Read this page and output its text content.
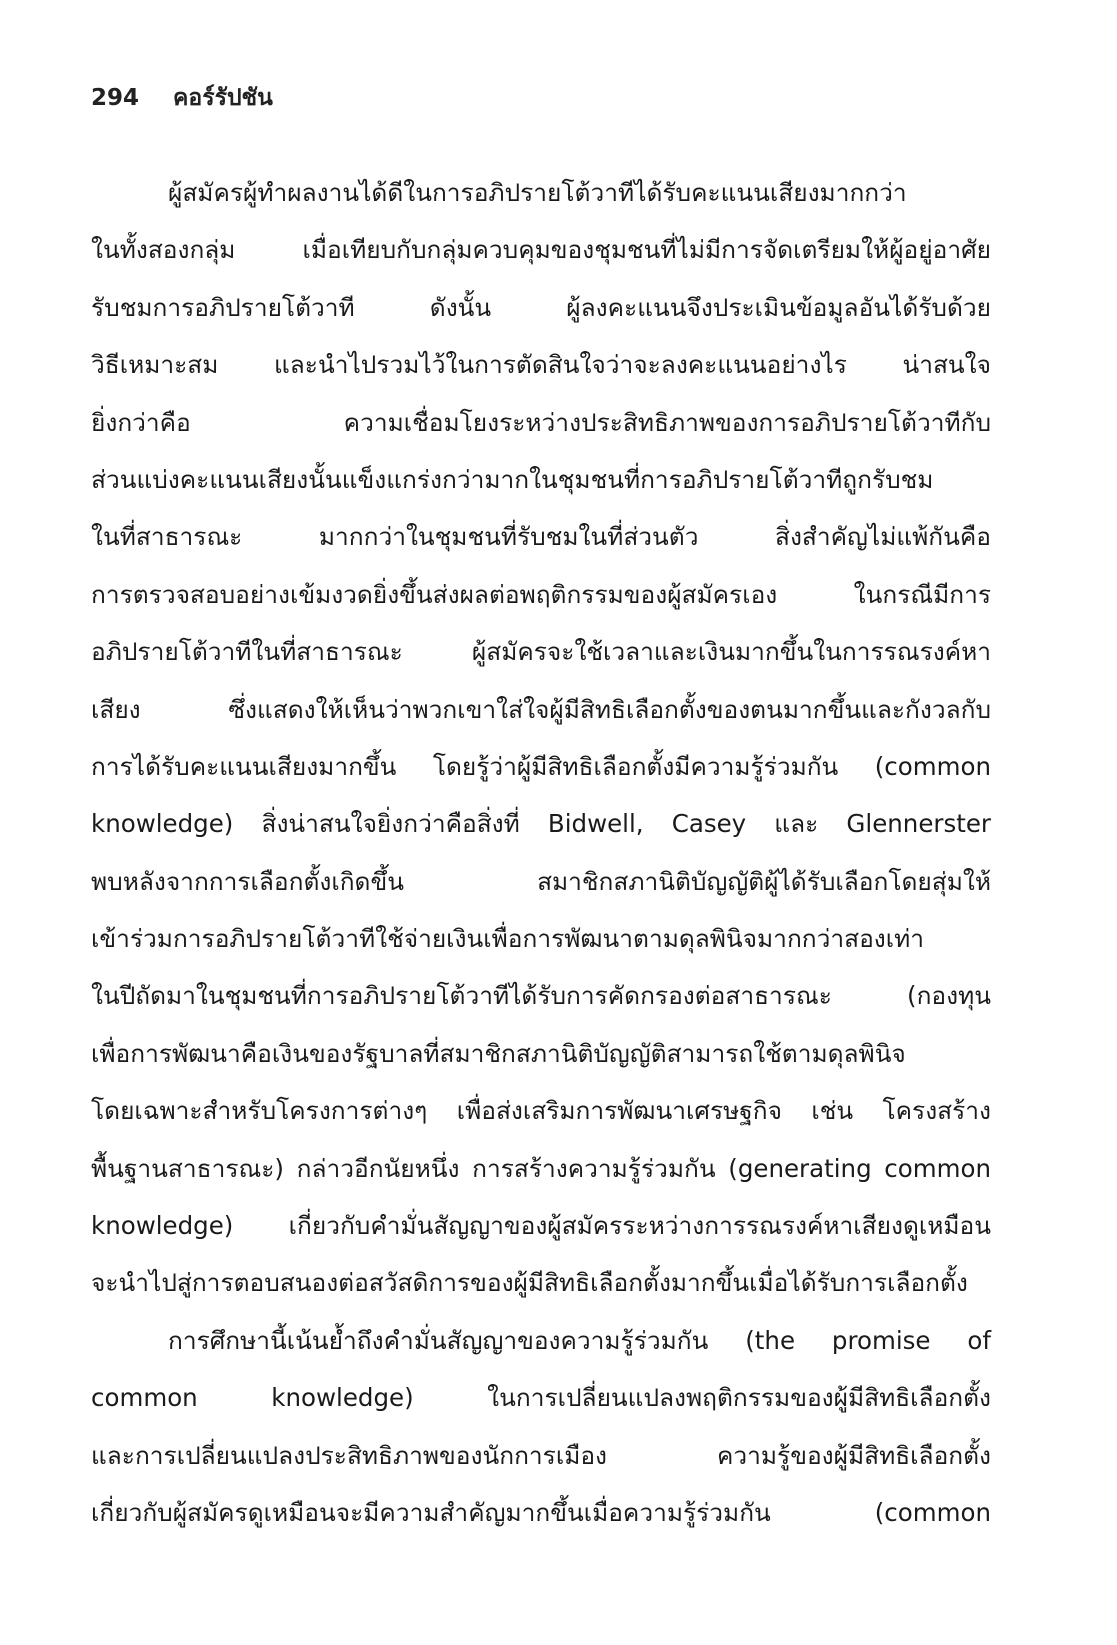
294 คอร์รัปชัน
ผู้สมัครผู้ทำผลงานได้ดีในการอภิปรายโต้วาทีได้รับคะแนนเสียงมากกว่า
ในทั้งสองกลุ่ม เมื่อเทียบกับกลุ่มควบคุมของชุมชนที่ไม่มีการจัดเตรียมให้ผู้อยู่อาศัย
รับชมการอภิปรายโต้วาที ดังนั้น ผู้ลงคะแนนจึงประเมินข้อมูลอันได้รับด้วย
วิธีเหมาะสม และนำไปรวมไว้ในการตัดสินใจว่าจะลงคะแนนอย่างไร น่าสนใจ
ยิ่งกว่าคือ ความเชื่อมโยงระหว่างประสิทธิภาพของการอภิปรายโต้วาทีกับ
ส่วนแบ่งคะแนนเสียงนั้นแข็งแกร่งกว่ามากในชุมชนที่การอภิปรายโต้วาทีถูกรับชม
ในที่สาธารณะ มากกว่าในชุมชนที่รับชมในที่ส่วนตัว สิ่งสำคัญไม่แพ้กันคือ
การตรวจสอบอย่างเข้มงวดยิ่งขึ้นส่งผลต่อพฤติกรรมของผู้สมัครเอง ในกรณีมีการ
อภิปรายโต้วาทีในที่สาธารณะ ผู้สมัครจะใช้เวลาและเงินมากขึ้นในการรณรงค์หา
เสียง ซึ่งแสดงให้เห็นว่าพวกเขาใส่ใจผู้มีสิทธิเลือกตั้งของตนมากขึ้นและกังวลกับ
การได้รับคะแนนเสียงมากขึ้น โดยรู้ว่าผู้มีสิทธิเลือกตั้งมีความรู้ร่วมกัน (common
knowledge) สิ่งน่าสนใจยิ่งกว่าคือสิ่งที่ Bidwell, Casey และ Glennerster
พบหลังจากการเลือกตั้งเกิดขึ้น สมาชิกสภานิติบัญญัติผู้ได้รับเลือกโดยสุ่มให้
เข้าร่วมการอภิปรายโต้วาทีใช้จ่ายเงินเพื่อการพัฒนาตามดุลพินิจมากกว่าสองเท่า
ในปีถัดมาในชุมชนที่การอภิปรายโต้วาทีได้รับการคัดกรองต่อสาธารณะ (กองทุน
เพื่อการพัฒนาคือเงินของรัฐบาลที่สมาชิกสภานิติบัญญัติสามารถใช้ตามดุลพินิจ
โดยเฉพาะสำหรับโครงการต่างๆ เพื่อส่งเสริมการพัฒนาเศรษฐกิจ เช่น โครงสร้าง
พื้นฐานสาธารณะ) กล่าวอีกนัยหนึ่ง การสร้างความรู้ร่วมกัน (generating common
knowledge) เกี่ยวกับคำมั่นสัญญาของผู้สมัครระหว่างการรณรงค์หาเสียงดูเหมือน
จะนำไปสู่การตอบสนองต่อสวัสดิการของผู้มีสิทธิเลือกตั้งมากขึ้นเมื่อได้รับการเลือกตั้ง
การศึกษานี้เน้นย้ำถึงคำมั่นสัญญาของความรู้ร่วมกัน (the promise of
common knowledge) ในการเปลี่ยนแปลงพฤติกรรมของผู้มีสิทธิเลือกตั้ง
และการเปลี่ยนแปลงประสิทธิภาพของนักการเมือง ความรู้ของผู้มีสิทธิเลือกตั้ง
เกี่ยวกับผู้สมัครดูเหมือนจะมีความสำคัญมากขึ้นเมื่อความรู้ร่วมกัน (common
